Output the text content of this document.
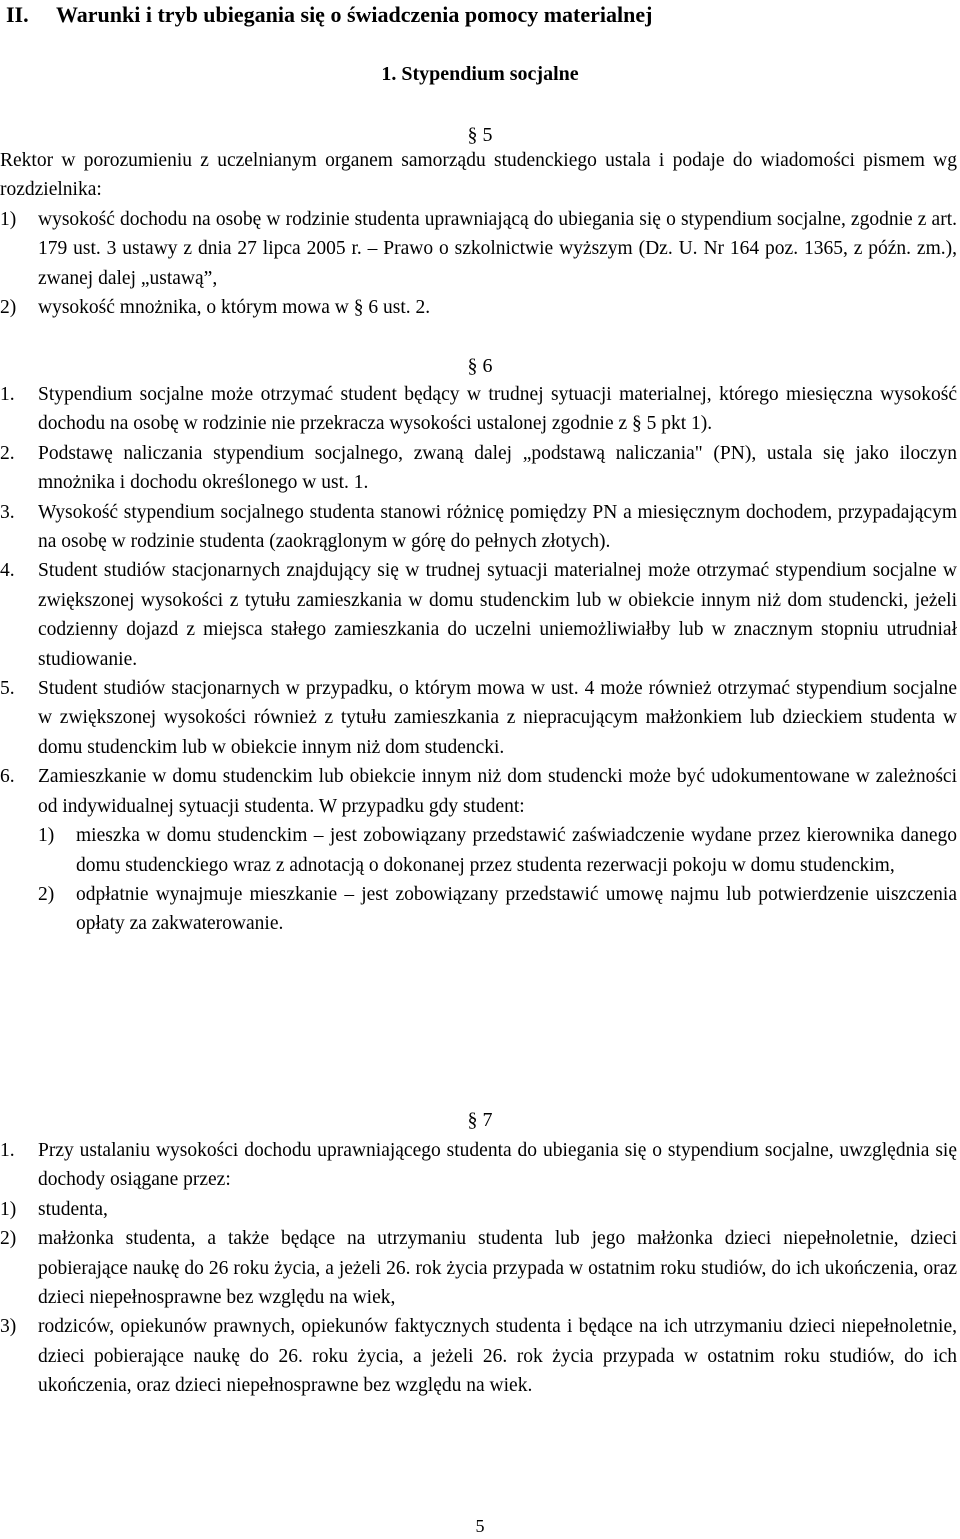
II. Warunki i tryb ubiegania się o świadczenia pomocy materialnej
1. Stypendium socjalne
§ 5

Rektor w porozumieniu z uczelnianym organem samorządu studenckiego ustala i podaje do wiadomości pismem wg rozdzielnika:

1) wysokość dochodu na osobę w rodzinie studenta uprawniającą do ubiegania się o stypendium socjalne, zgodnie z art. 179 ust. 3 ustawy z dnia 27 lipca 2005 r. – Prawo o szkolnictwie wyższym (Dz. U. Nr 164 poz. 1365, z późn. zm.), zwanej dalej „ustawą”,
2) wysokość mnożnika, o którym mowa w § 6 ust. 2.
§ 6
1. Stypendium socjalne może otrzymać student będący w trudnej sytuacji materialnej, którego miesięczna wysokość dochodu na osobę w rodzinie nie przekracza wysokości ustalonej zgodnie z § 5 pkt 1).
2. Podstawę naliczania stypendium socjalnego, zwaną dalej „podstawą naliczania" (PN), ustala się jako iloczyn mnożnika i dochodu określonego w ust. 1.
3. Wysokość stypendium socjalnego studenta stanowi różnicę pomiędzy PN a miesięcznym dochodem, przypadającym na osobę w rodzinie studenta (zaokrąglonym w górę do pełnych złotych).
4. Student studiów stacjonarnych znajdujący się w trudnej sytuacji materialnej może otrzymać stypendium socjalne w zwiększonej wysokości z tytułu zamieszkania w domu studenckim lub w obiekcie innym niż dom studencki, jeżeli codzienny dojazd z miejsca stałego zamieszkania do uczelni uniemożliwiałby lub w znacznym stopniu utrudniał studiowanie.
5. Student studiów stacjonarnych w przypadku, o którym mowa w ust. 4 może również otrzymać stypendium socjalne w zwiększonej wysokości również z tytułu zamieszkania z niepracującym małżonkiem lub dzieckiem studenta w domu studenckim lub w obiekcie innym niż dom studencki.
6. Zamieszkanie w domu studenckim lub obiekcie innym niż dom studencki może być udokumentowane w zależności od indywidualnej sytuacji studenta. W przypadku gdy student:
1) mieszka w domu studenckim – jest zobowiązany przedstawić zaświadczenie wydane przez kierownika danego domu studenckiego wraz z adnotacją o dokonanej przez studenta rezerwacji pokoju w domu studenckim,
2) odpłatnie wynajmuje mieszkanie – jest zobowiązany przedstawić umowę najmu lub potwierdzenie uiszczenia opłaty za zakwaterowanie.
§ 7
1. Przy ustalaniu wysokości dochodu uprawniającego studenta do ubiegania się o stypendium socjalne, uwzględnia się dochody osiągane przez:
1) studenta,
2) małżonka studenta, a także będące na utrzymaniu studenta lub jego małżonka dzieci niepełnoletnie, dzieci pobierające naukę do 26 roku życia, a jeżeli 26. rok życia przypada w ostatnim roku studiów, do ich ukończenia, oraz dzieci niepełnosprawne bez względu na wiek,
3) rodziców, opiekunów prawnych, opiekunów faktycznych studenta i będące na ich utrzymaniu dzieci niepełnoletnie, dzieci pobierające naukę do 26. roku życia, a jeżeli 26. rok życia przypada w ostatnim roku studiów, do ich ukończenia, oraz dzieci niepełnosprawne bez względu na wiek.
5
